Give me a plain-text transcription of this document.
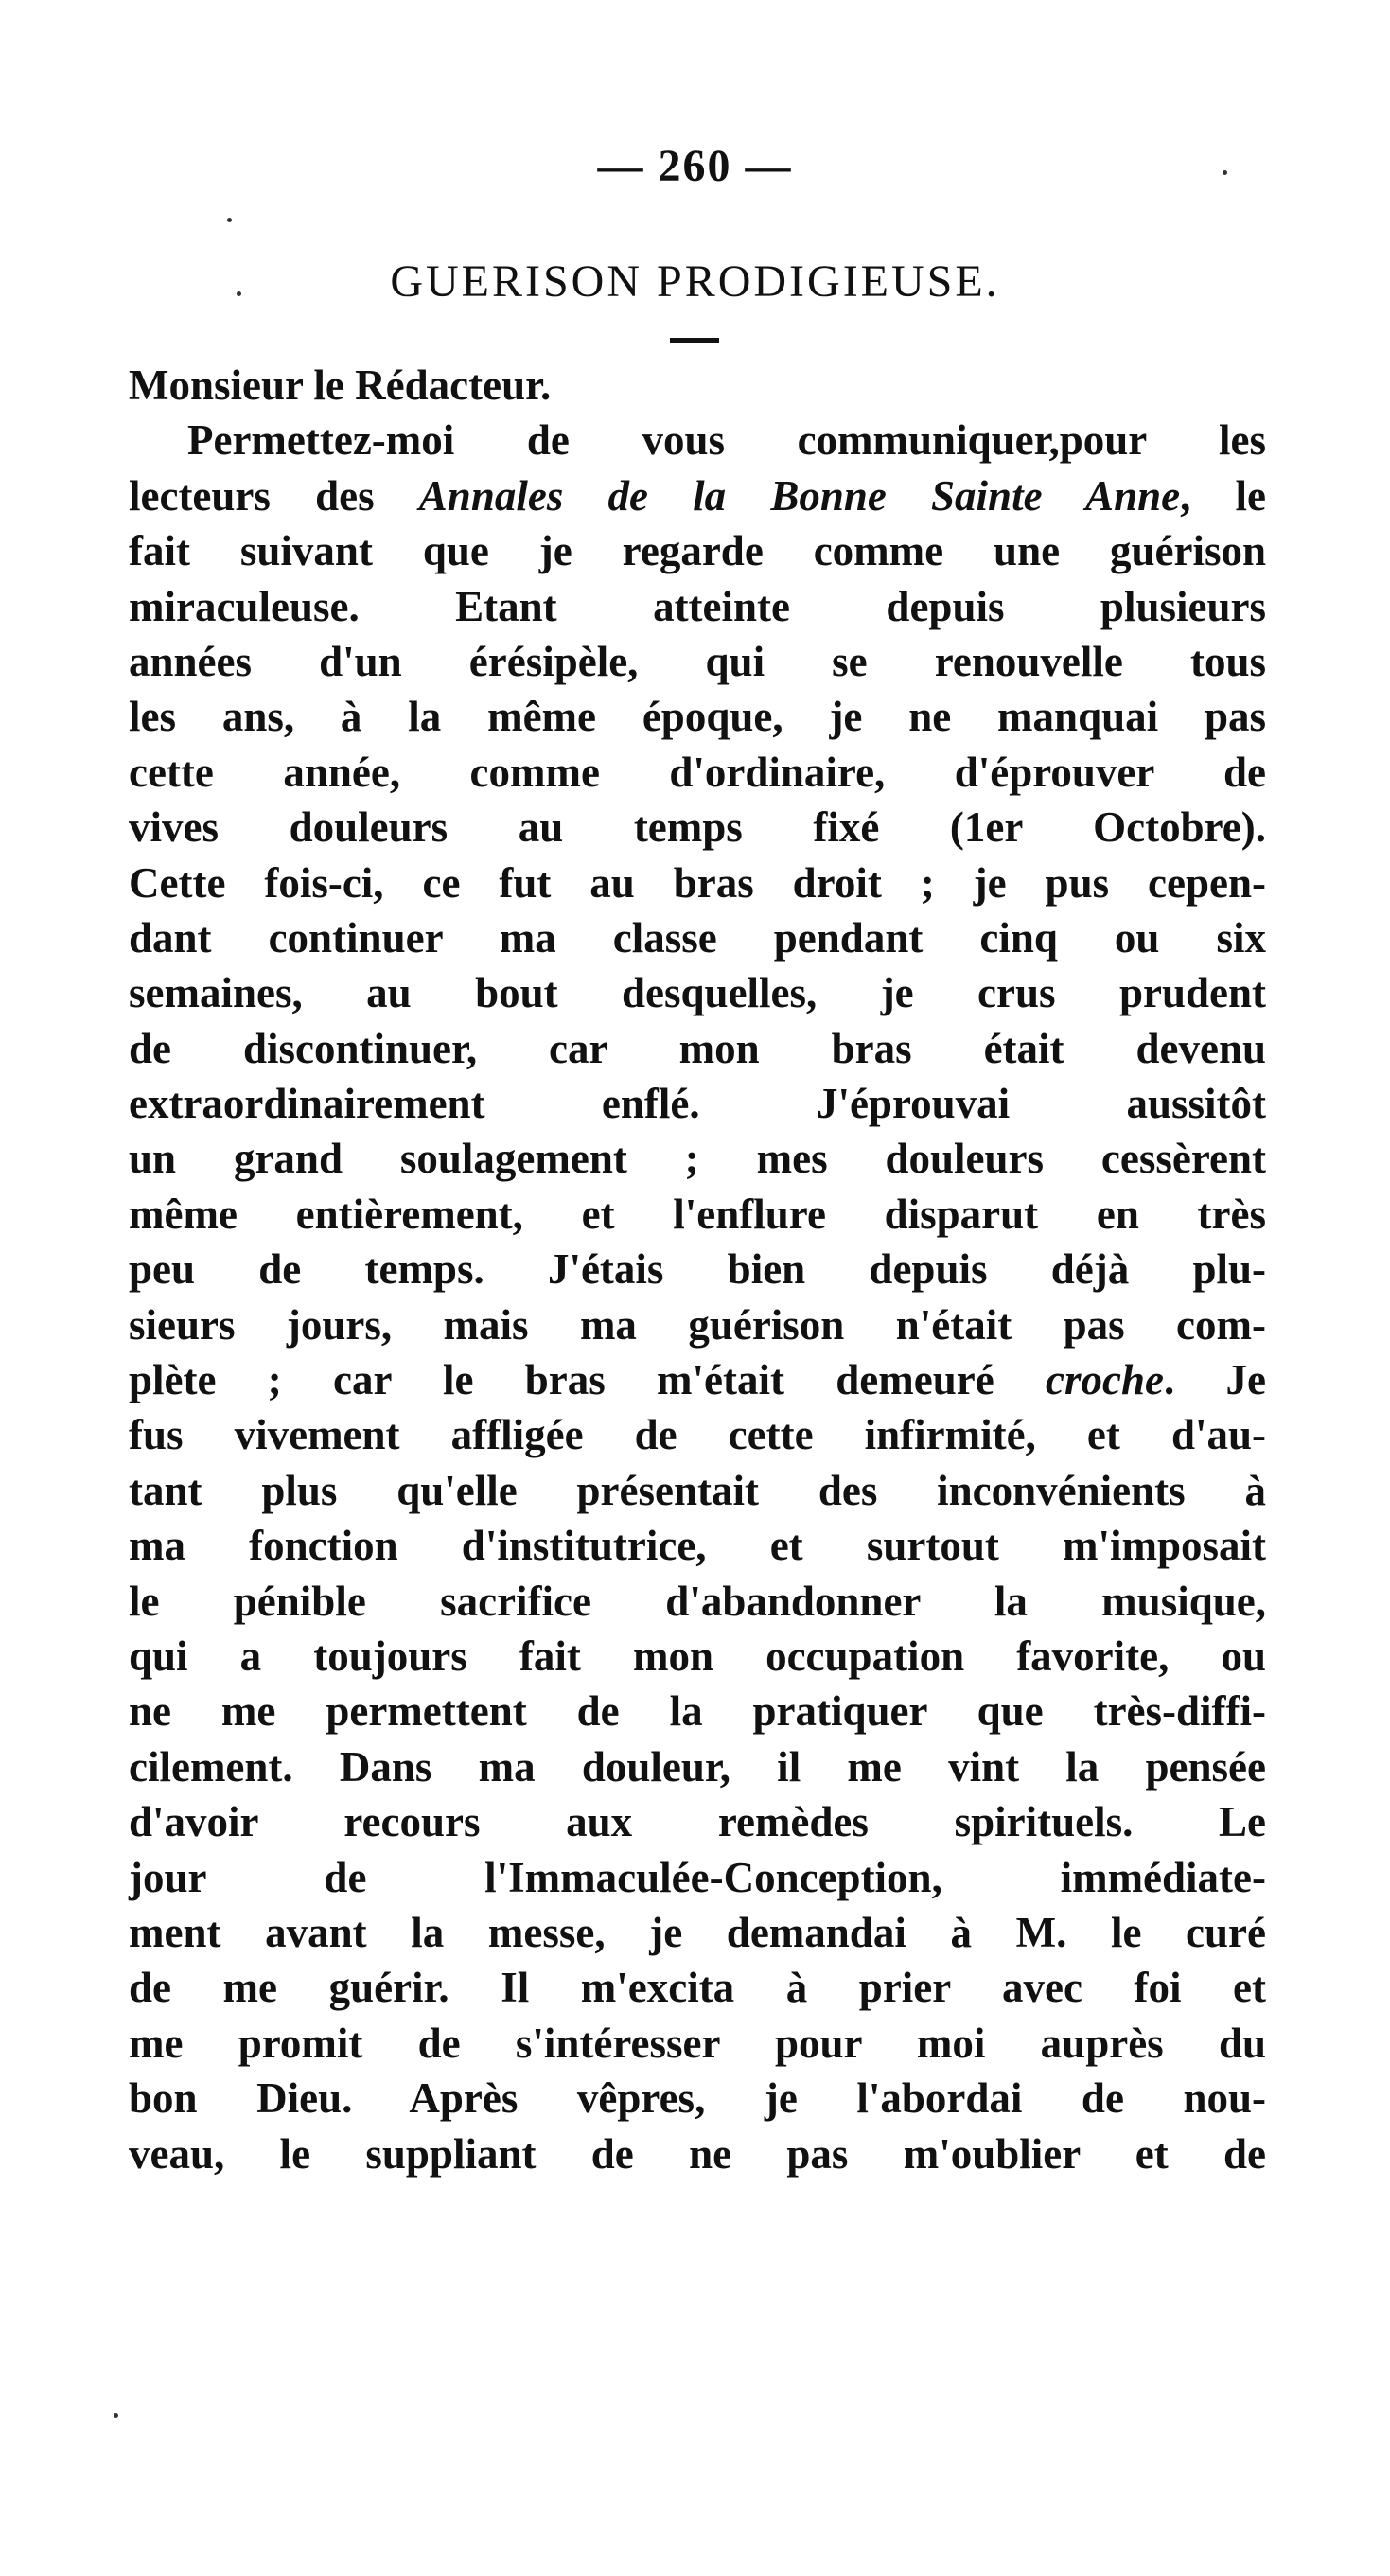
— 260 —
GUERISON PRODIGIEUSE.
Monsieur le Rédacteur.
Permettez-moi de vous communiquer,pour les
lecteurs des Annales de la Bonne Sainte Anne, le
fait suivant que je regarde comme une guérison
miraculeuse. Etant atteinte depuis plusieurs
années d'un érésipèle, qui se renouvelle tous
les ans, à la même époque, je ne manquai pas
cette année, comme d'ordinaire, d'éprouver de
vives douleurs au temps fixé (1er Octobre).
Cette fois-ci, ce fut au bras droit ; je pus cepen-
dant continuer ma classe pendant cinq ou six
semaines, au bout desquelles, je crus prudent
de discontinuer, car mon bras était devenu
extraordinairement enflé. J'éprouvai aussitôt
un grand soulagement ; mes douleurs cessèrent
même entièrement, et l'enflure disparut en très
peu de temps. J'étais bien depuis déjà plu-
sieurs jours, mais ma guérison n'était pas com-
plète ; car le bras m'était demeuré croche. Je
fus vivement affligée de cette infirmité, et d'au-
tant plus qu'elle présentait des inconvénients à
ma fonction d'institutrice, et surtout m'imposait
le pénible sacrifice d'abandonner la musique,
qui a toujours fait mon occupation favorite, ou
ne me permettent de la pratiquer que très-diffi-
cilement. Dans ma douleur, il me vint la pensée
d'avoir recours aux remèdes spirituels. Le
jour de l'Immaculée-Conception, immédiate-
ment avant la messe, je demandai à M. le curé
de me guérir. Il m'excita à prier avec foi et
me promit de s'intéresser pour moi auprès du
bon Dieu. Après vêpres, je l'abordai de nou-
veau, le suppliant de ne pas m'oublier et de
